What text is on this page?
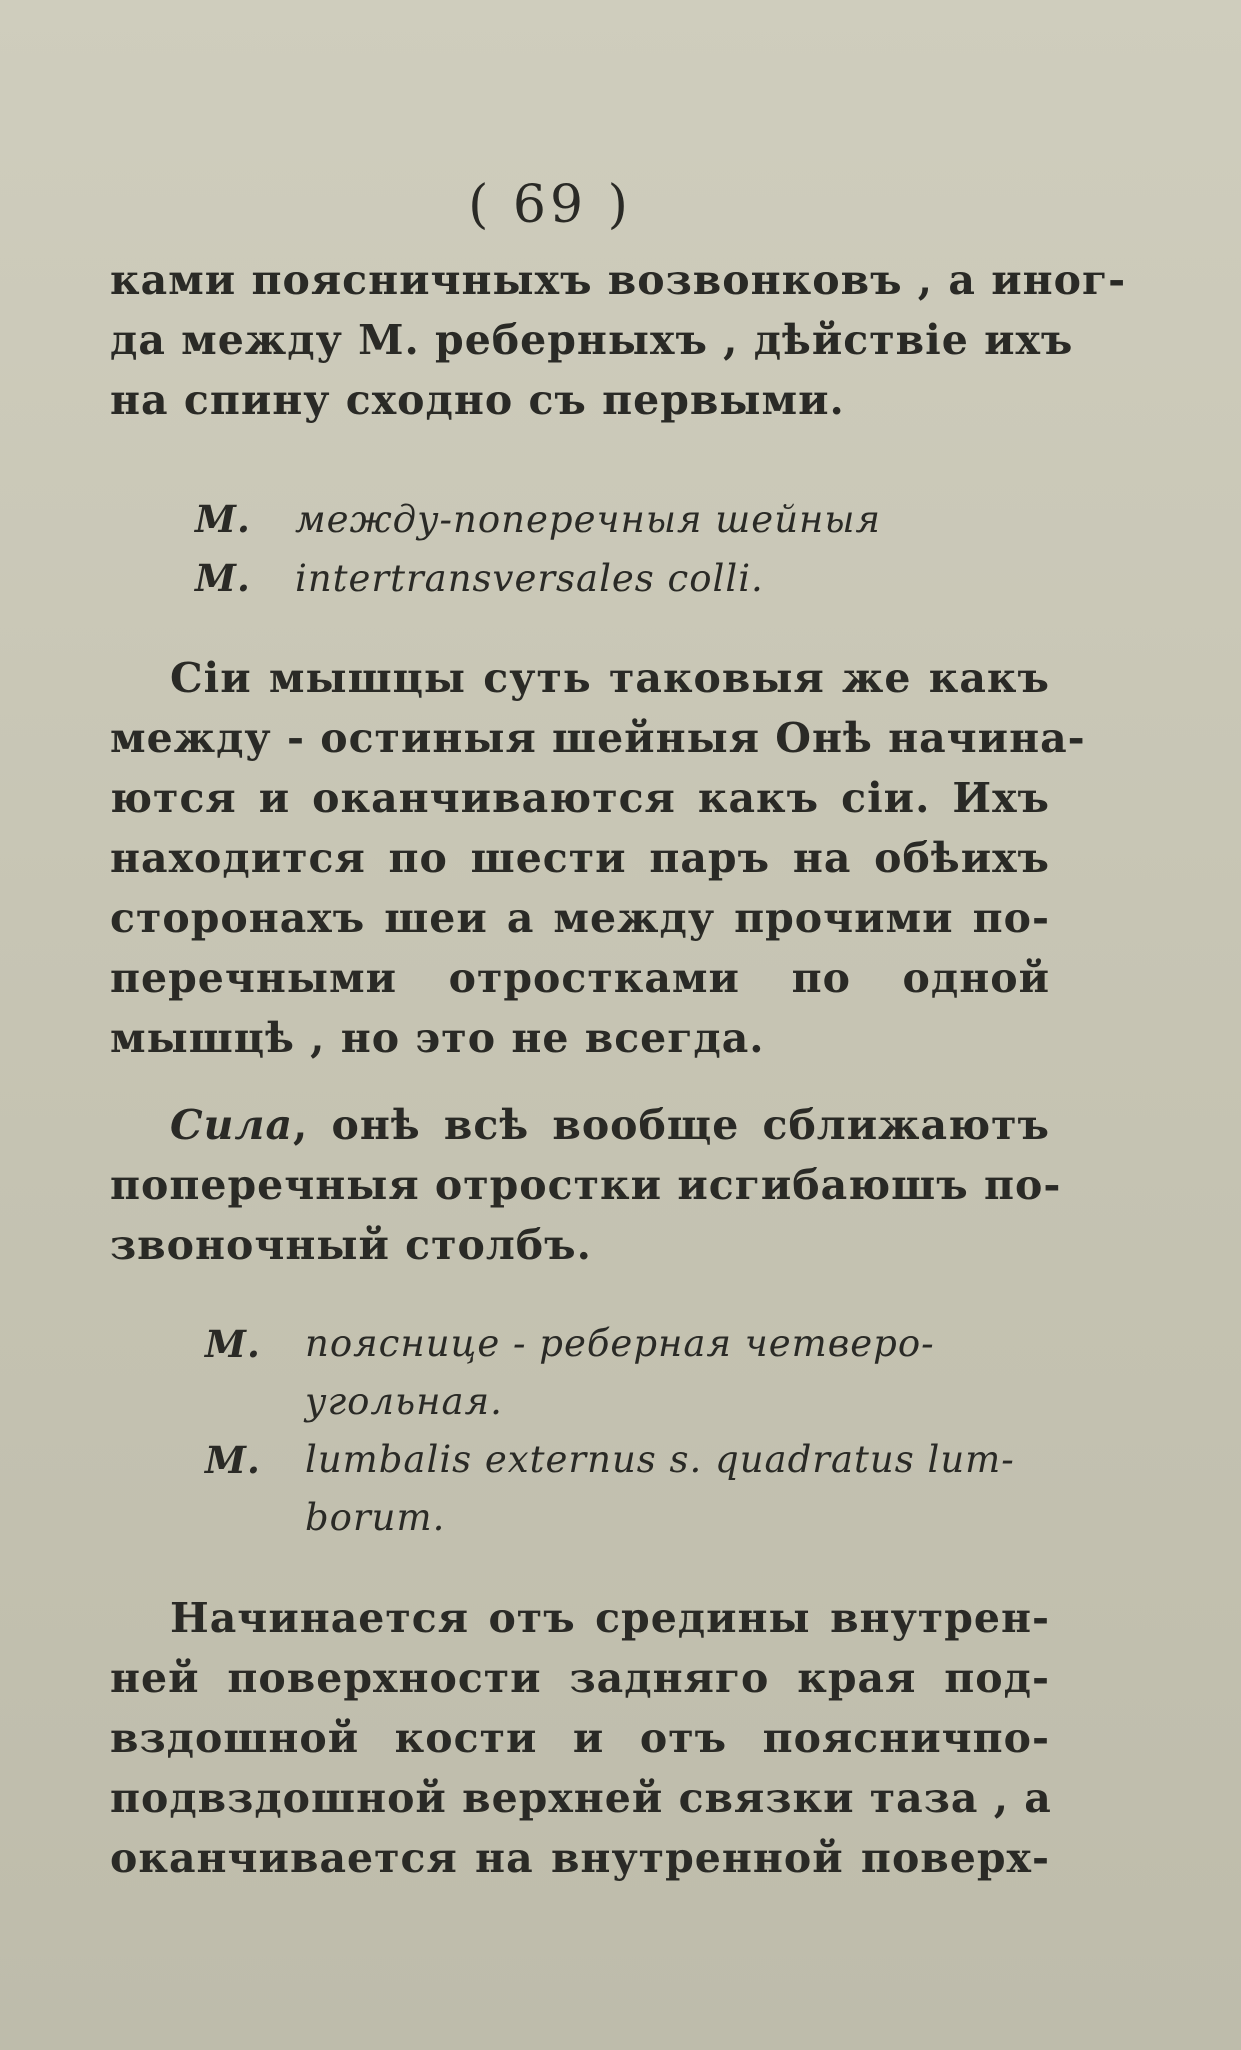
( 69 )
ками поясничныхъ возвонковъ , а иног-
да между М. реберныхъ , дѣйствіе ихъ
на спину сходно съ первыми.
М. между-поперечныя шейныя
M. intertransversales colli.
Сіи мышцы суть таковыя же какъ
между - остиныя шейныя Онѣ начина-
ются и оканчиваются какъ сіи. Ихъ
находится по шести паръ на обѣихъ
сторонахъ шеи а между прочими по-
перечными отростками по одной
мышцѣ , но это не всегда.
Сила, онѣ всѣ вообще сближаютъ
поперечныя отростки исгибаюшъ по-
звоночный столбъ.
М.	поясницe - реберная четверо-
угольная.
M.	lumbalis externus s. quadratus lum-
borum.
Начинается отъ средины внутрен-
ней поверхности задняго края под-
вздошной кости и отъ поясничпо-
подвздошной верхней связки таза , а
оканчивается на внутренной поверх-
